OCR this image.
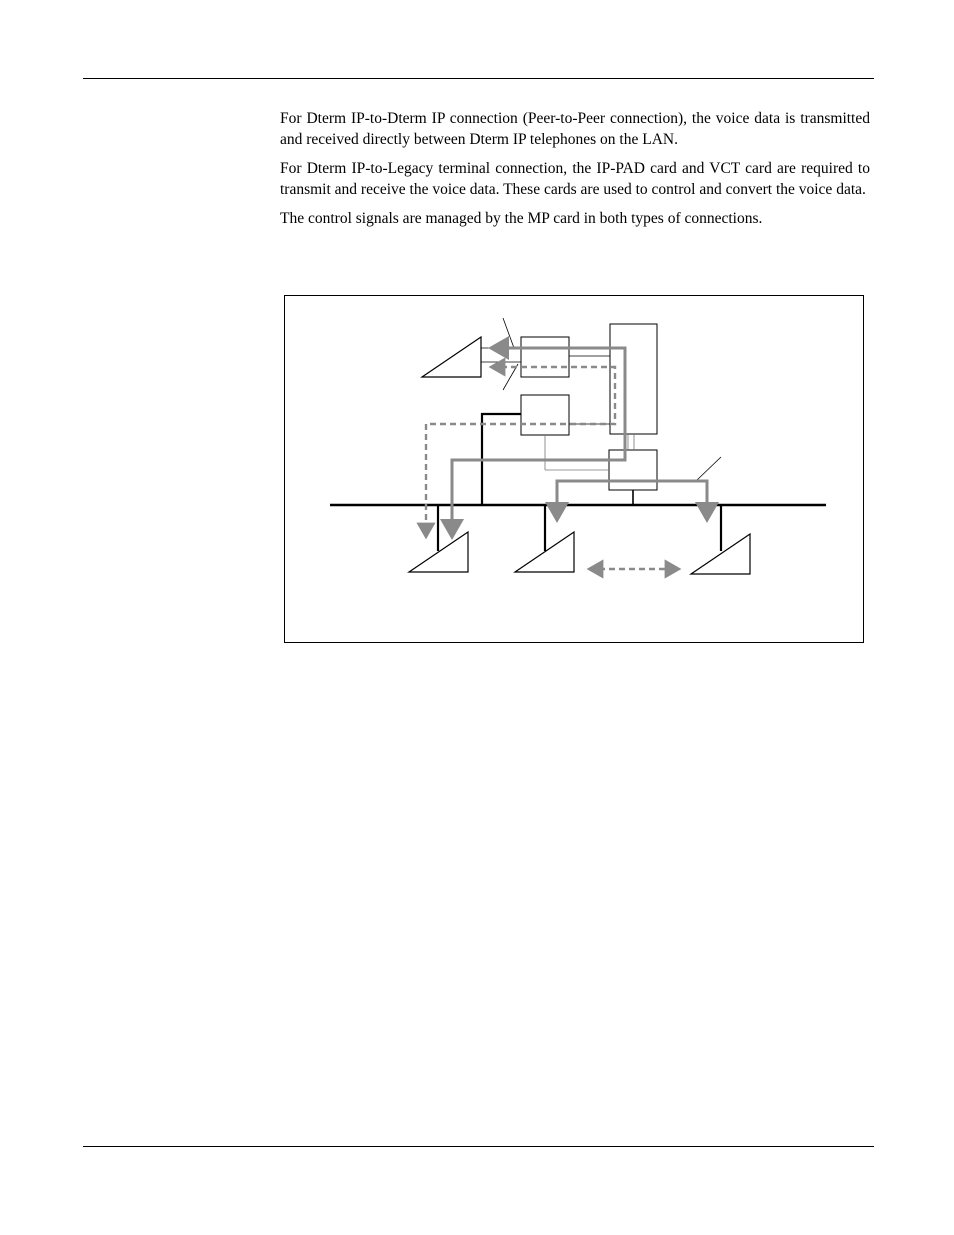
For Dterm IP-to-Dterm IP connection (Peer-to-Peer connection), the voice data is transmitted and received directly between Dterm IP telephones on the LAN.

For Dterm IP-to-Legacy terminal connection, the IP-PAD card and VCT card are required to transmit and receive the voice data. These cards are used to control and convert the voice data.

The control signals are managed by the MP card in both types of connections.
